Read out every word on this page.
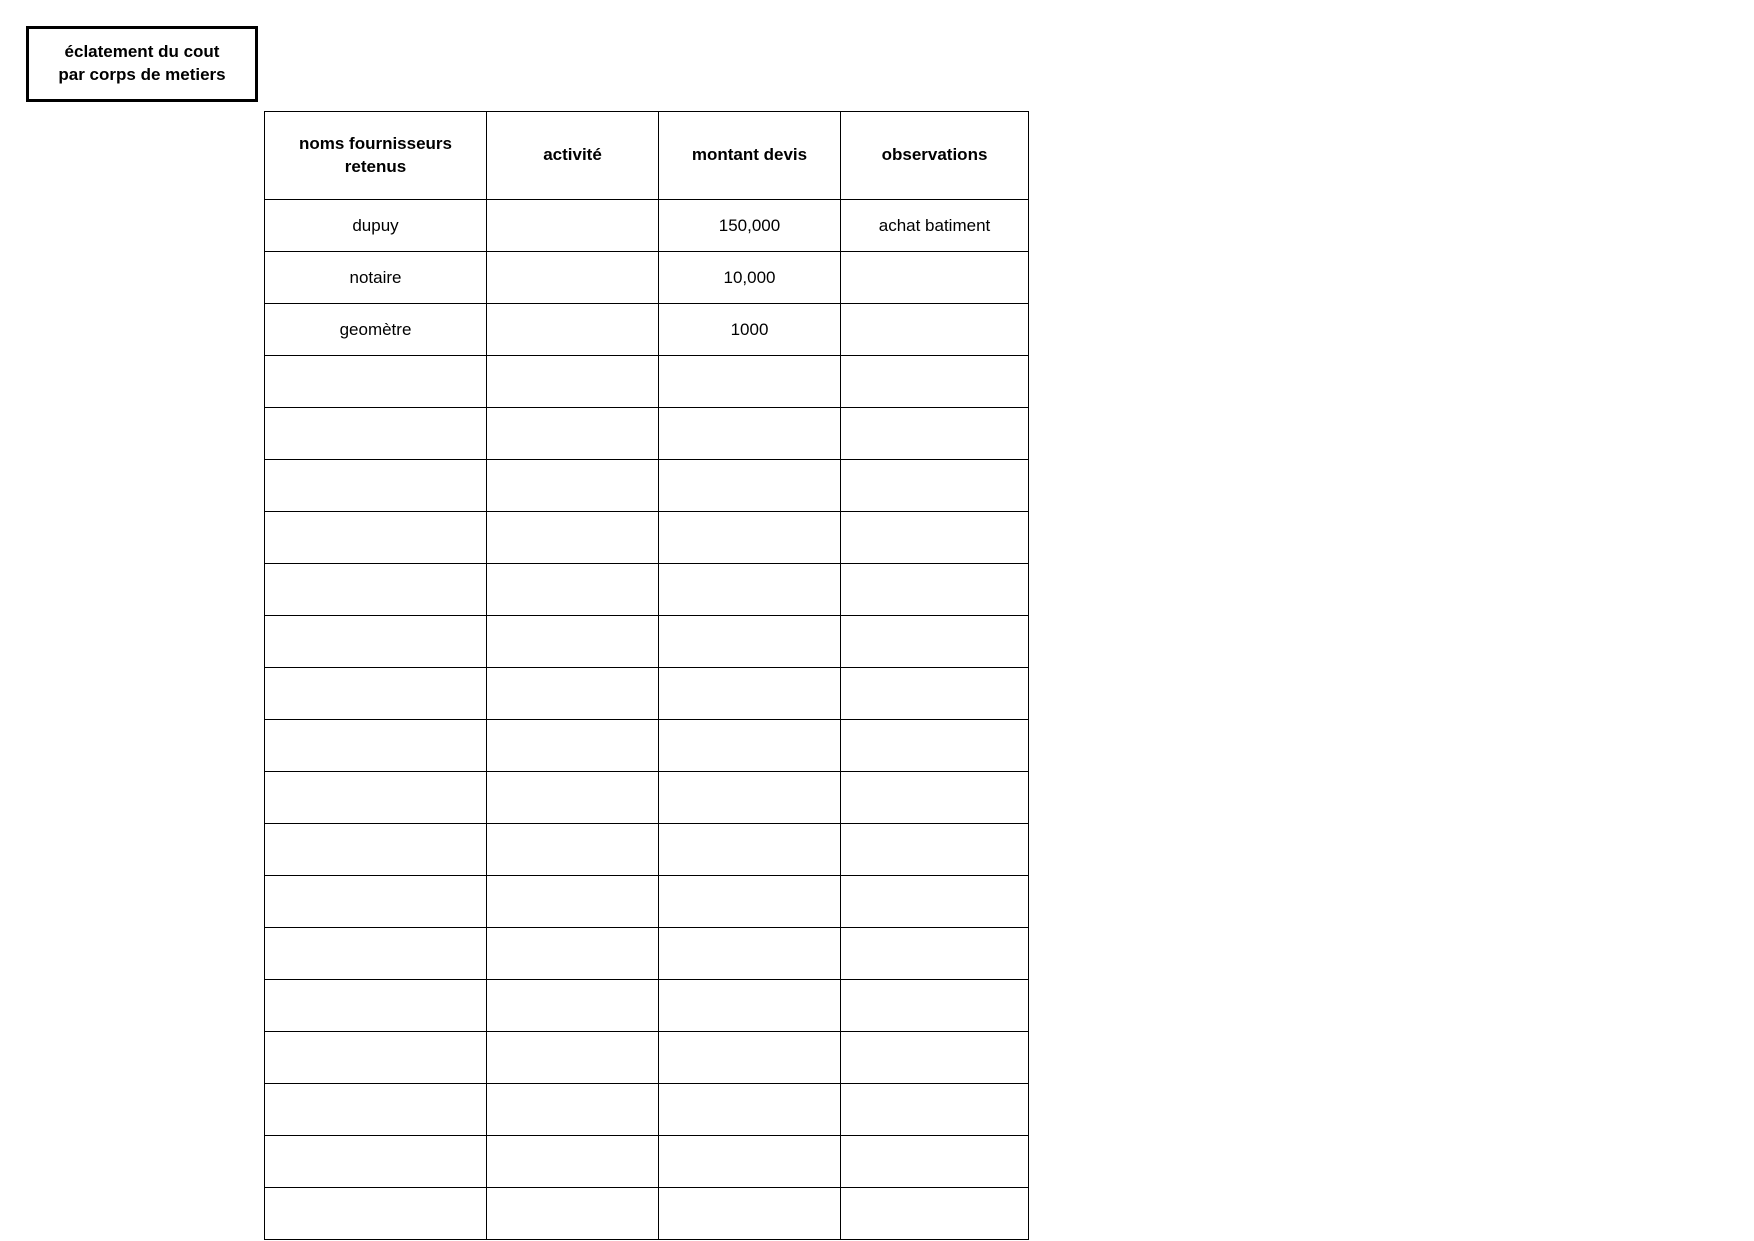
éclatement du cout
par corps de metiers
noms fournisseurs retenus	activité	montant devis	observations
dupuy		150,000	achat batiment
notaire		10,000	
geomètre		1000	
